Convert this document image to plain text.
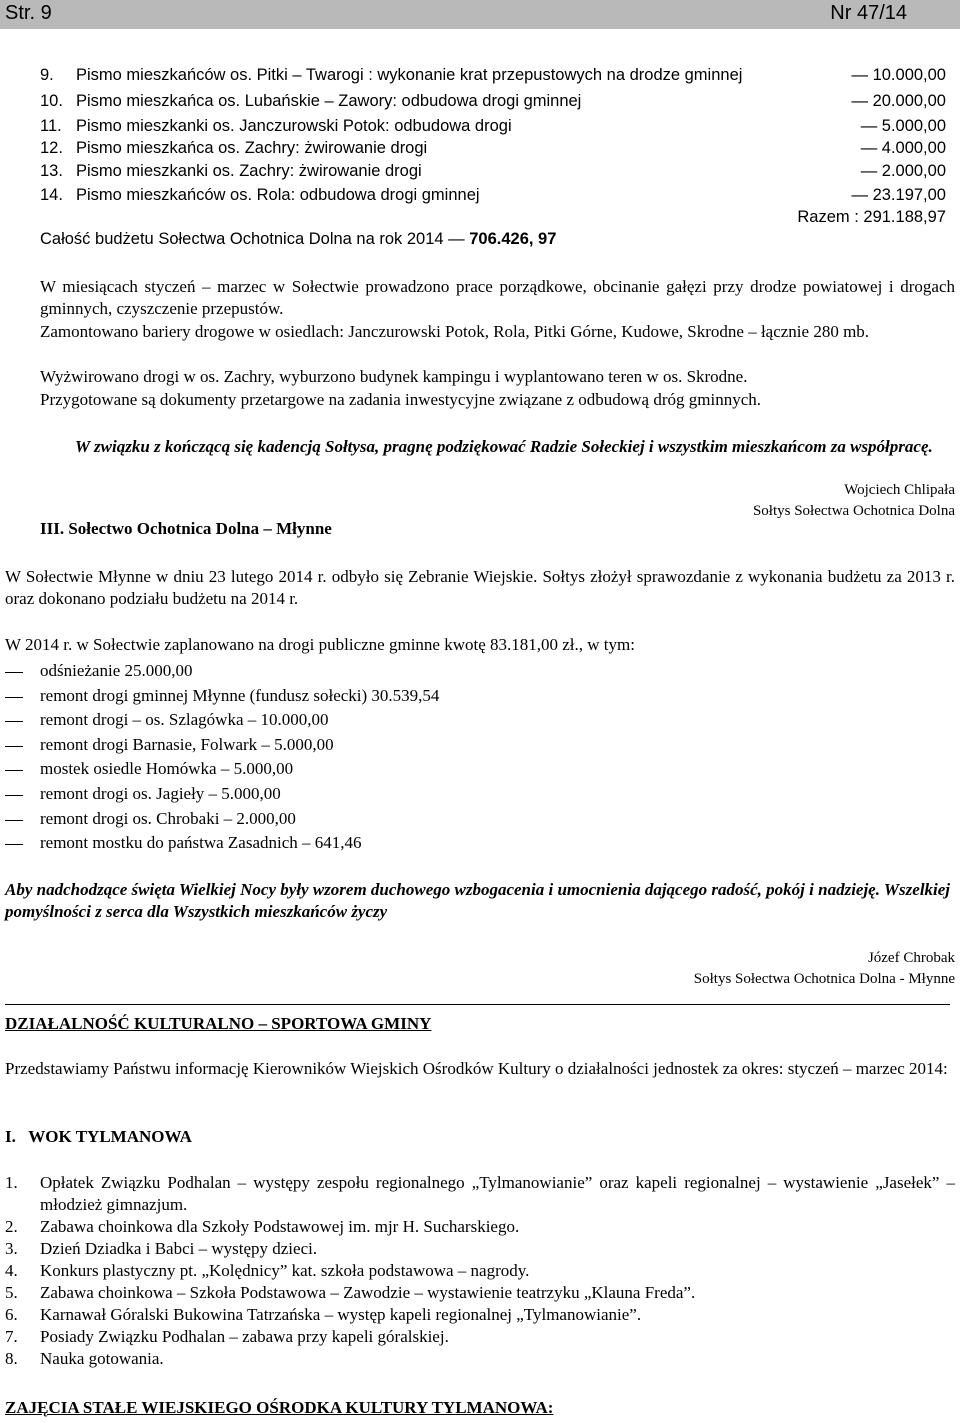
Str. 9	Nr 47/14
9. Pismo mieszkańców os. Pitki – Twarogi : wykonanie krat przepustowych na drodze gminnej	— 10.000,00
10. Pismo mieszkańca os. Lubańskie – Zawory: odbudowa drogi gminnej	— 20.000,00
11. Pismo mieszkanki os. Janczurowski Potok: odbudowa drogi	— 5.000,00
12. Pismo mieszkańca os. Zachry: żwirowanie drogi	— 4.000,00
13. Pismo mieszkanki os. Zachry: żwirowanie drogi	— 2.000,00
14. Pismo mieszkańców os. Rola: odbudowa drogi gminnej	— 23.197,00
Razem : 291.188,97
Całość budżetu Sołectwa Ochotnica Dolna na rok 2014 — 706.426, 97
W miesiącach styczeń – marzec w Sołectwie prowadzono prace porządkowe, obcinanie gałęzi przy drodze powiatowej i drogach gminnych, czyszczenie przepustów.
Zamontowano bariery drogowe w osiedlach: Janczurowski Potok, Rola, Pitki Górne, Kudowe, Skrodne – łącznie 280 mb.
Wyżwirowano drogi w os. Zachry, wyburzono budynek kampingu i wyplantowano teren w os. Skrodne.
Przygotowane są dokumenty przetargowe na zadania inwestycyjne związane z odbudową dróg gminnych.
W związku z kończącą się kadencją Sołtysa, pragnę podziękować Radzie Sołeckiej i wszystkim mieszkańcom za współpracę.
Wojciech Chlipała
Sołtys Sołectwa Ochotnica Dolna
III. Sołectwo Ochotnica Dolna – Młynne
W Sołectwie Młynne w dniu 23 lutego 2014 r. odbyło się Zebranie Wiejskie. Sołtys złożył sprawozdanie z wykonania budżetu za 2013 r. oraz dokonano podziału budżetu na 2014 r.
W 2014 r. w Sołectwie zaplanowano na drogi publiczne gminne kwotę 83.181,00 zł., w tym:
odśnieżanie 25.000,00
remont drogi gminnej Młynne (fundusz sołecki) 30.539,54
remont drogi – os. Szlagówka – 10.000,00
remont drogi Barnasie, Folwark – 5.000,00
mostek osiedle Homówka – 5.000,00
remont drogi os. Jagieły – 5.000,00
remont drogi os. Chrobaki – 2.000,00
remont mostku do państwa Zasadnich – 641,46
Aby nadchodzące święta Wielkiej Nocy były wzorem duchowego wzbogacenia i umocnienia dającego radość, pokój i nadzieję. Wszelkiej pomyślności z serca dla Wszystkich mieszkańców życzy
Józef Chrobak
Sołtys Sołectwa Ochotnica Dolna - Młynne
DZIAŁALNOŚĆ KULTURALNO – SPORTOWA GMINY
Przedstawiamy Państwu informację Kierowników Wiejskich Ośrodków Kultury o działalności jednostek za okres: styczeń – marzec 2014:
I.   WOK TYLMANOWA
1. Opłatek Związku Podhalan – występy zespołu regionalnego „Tylmanowianie” oraz kapeli regionalnej – wystawienie „Jasełek” – młodzież gimnazjum.
2. Zabawa choinkowa dla Szkoły Podstawowej im. mjr H. Sucharskiego.
3. Dzień Dziadka i Babci – występy dzieci.
4. Konkurs plastyczny pt. „Kolędnicy” kat. szkoła podstawowa – nagrody.
5. Zabawa choinkowa – Szkoła Podstawowa – Zawodzie – wystawienie teatrzyku „Klauna Freda”.
6. Karnawał Góralski Bukowina Tatrzańska – występ kapeli regionalnej „Tylmanowianie”.
7. Posiady Związku Podhalan – zabawa przy kapeli góralskiej.
8. Nauka gotowania.
ZAJĘCIA STAŁE WIEJSKIEGO OŚRODKA KULTURY TYLMANOWA:
